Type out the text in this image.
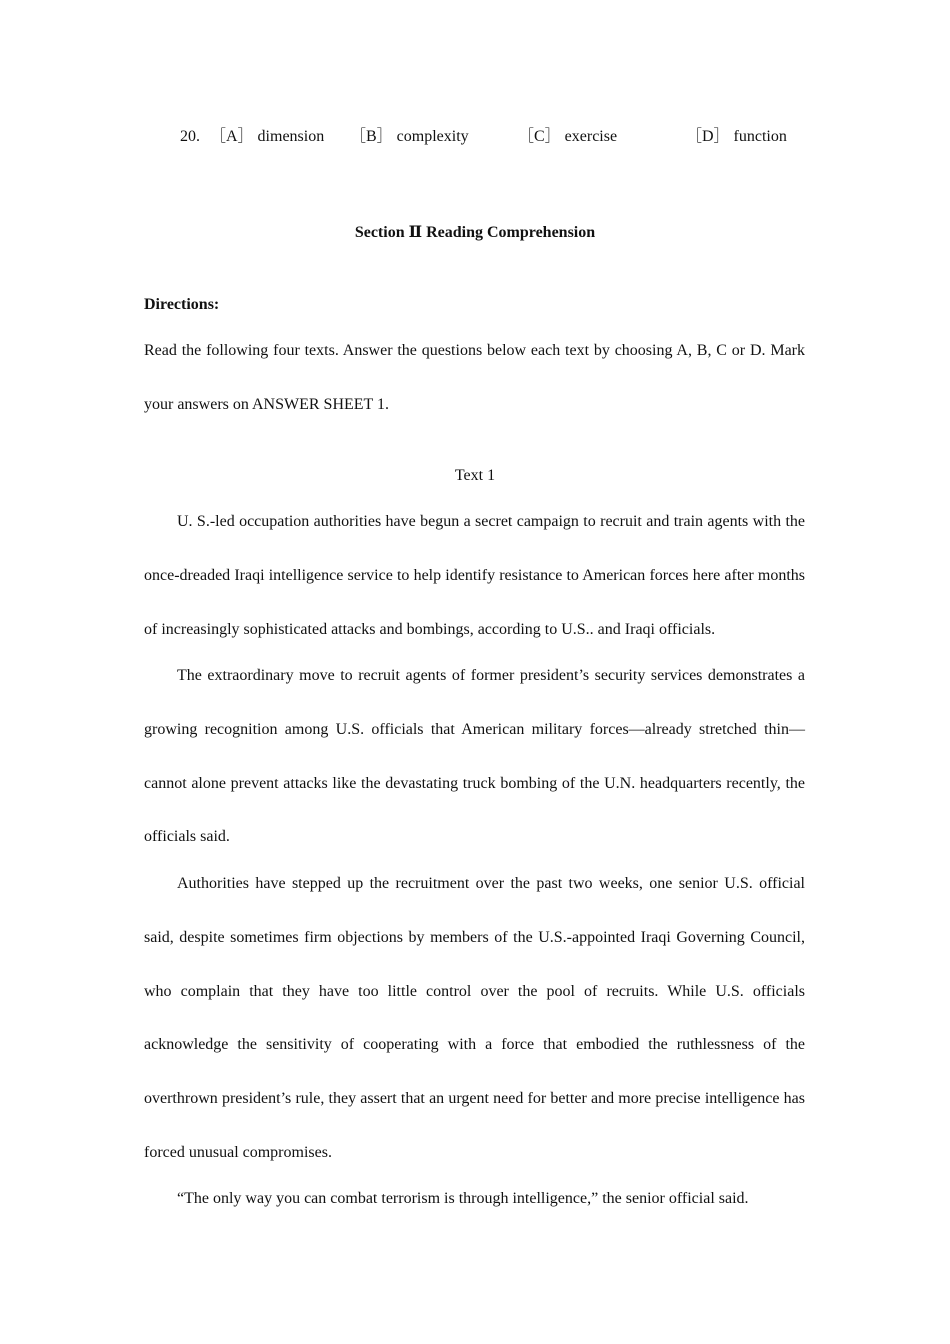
20. ［A］ dimension ［B］ complexity	［C］ exercise	［D］ function
Section Ⅱ Reading Comprehension
Directions:

Read the following four texts. Answer the questions below each text by choosing A, B, C or D. Mark your answers on ANSWER SHEET 1.

Text 1

U. S.-led occupation authorities have begun a secret campaign to recruit and train agents with the once-dreaded Iraqi intelligence service to help identify resistance to American forces here after months of increasingly sophisticated attacks and bombings, according to U.S.. and Iraqi officials.

The extraordinary move to recruit agents of former president’s security services demonstrates a growing recognition among U.S. officials that American military forces—already stretched thin—cannot alone prevent attacks like the devastating truck bombing of the U.N. headquarters recently, the officials said.

Authorities have stepped up the recruitment over the past two weeks, one senior U.S. official said, despite sometimes firm objections by members of the U.S.-appointed Iraqi Governing Council, who complain that they have too little control over the pool of recruits. While U.S. officials acknowledge the sensitivity of cooperating with a force that embodied the ruthlessness of the overthrown president’s rule, they assert that an urgent need for better and more precise intelligence has forced unusual compromises.

“The only way you can combat terrorism is through intelligence,” the senior official said.
